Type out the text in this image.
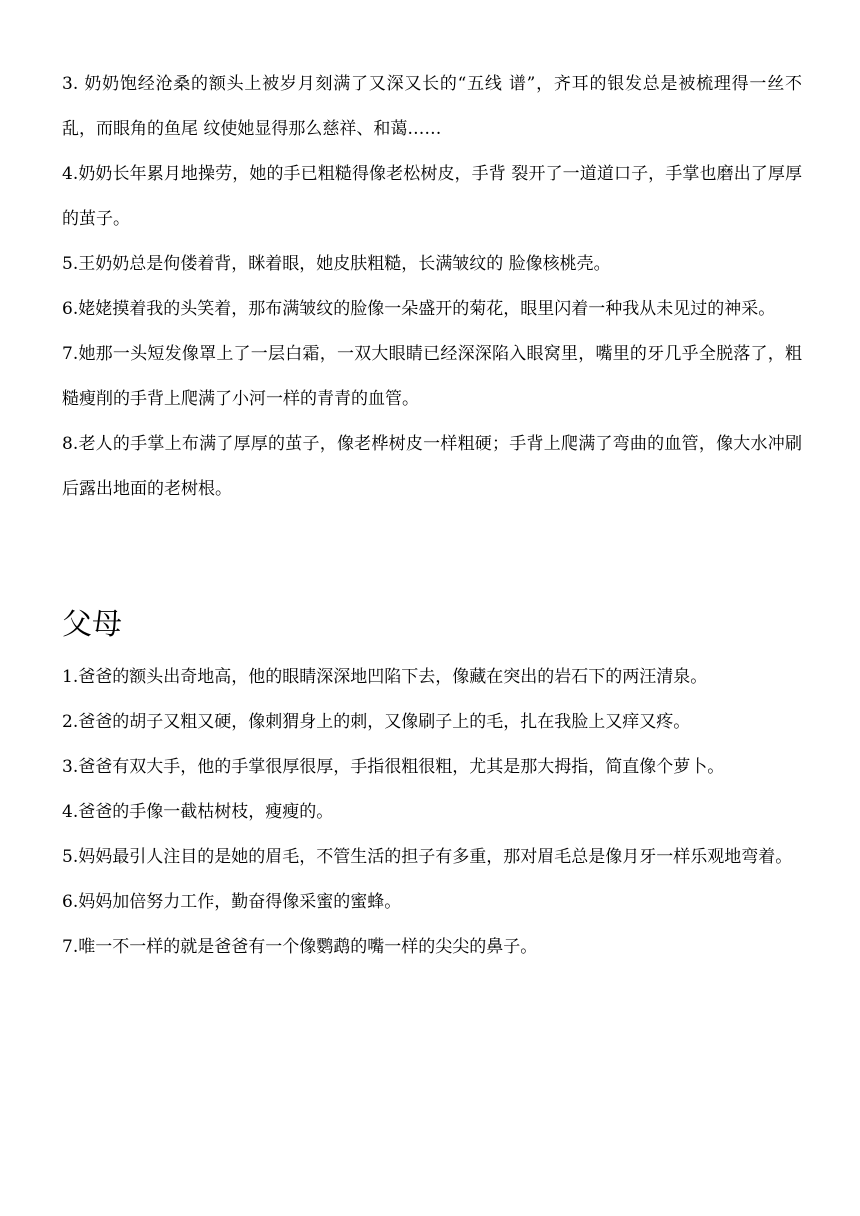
3. 奶奶饱经沧桑的额头上被岁月刻满了又深又长的“五线 谱”，齐耳的银发总是被梳理得一丝不乱，而眼角的鱼尾 纹使她显得那么慈祥、和蔼……

4.奶奶长年累月地操劳，她的手已粗糙得像老松树皮，手背 裂开了一道道口子，手掌也磨出了厚厚的茧子。

5.王奶奶总是佝偻着背，眯着眼，她皮肤粗糙，长满皱纹的 脸像核桃壳。

6.姥姥摸着我的头笑着，那布满皱纹的脸像一朵盛开的菊花，眼里闪着一种我从未见过的神采。

7.她那一头短发像罩上了一层白霜，一双大眼睛已经深深陷入眼窝里，嘴里的牙几乎全脱落了，粗糙瘦削的手背上爬满了小河一样的青青的血管。

8.老人的手掌上布满了厚厚的茧子，像老桦树皮一样粗硬；手背上爬满了弯曲的血管，像大水冲刷后露出地面的老树根。

父母

1.爸爸的额头出奇地高，他的眼睛深深地凹陷下去，像藏在突出的岩石下的两汪清泉。

2.爸爸的胡子又粗又硬，像刺猬身上的刺，又像刷子上的毛，扎在我脸上又痒又疼。

3.爸爸有双大手，他的手掌很厚很厚，手指很粗很粗，尤其是那大拇指，简直像个萝卜。

4.爸爸的手像一截枯树枝，瘦瘦的。

5.妈妈最引人注目的是她的眉毛，不管生活的担子有多重，那对眉毛总是像月牙一样乐观地弯着。

6.妈妈加倍努力工作，勤奋得像采蜜的蜜蜂。

7.唯一不一样的就是爸爸有一个像鹦鹉的嘴一样的尖尖的鼻子。
